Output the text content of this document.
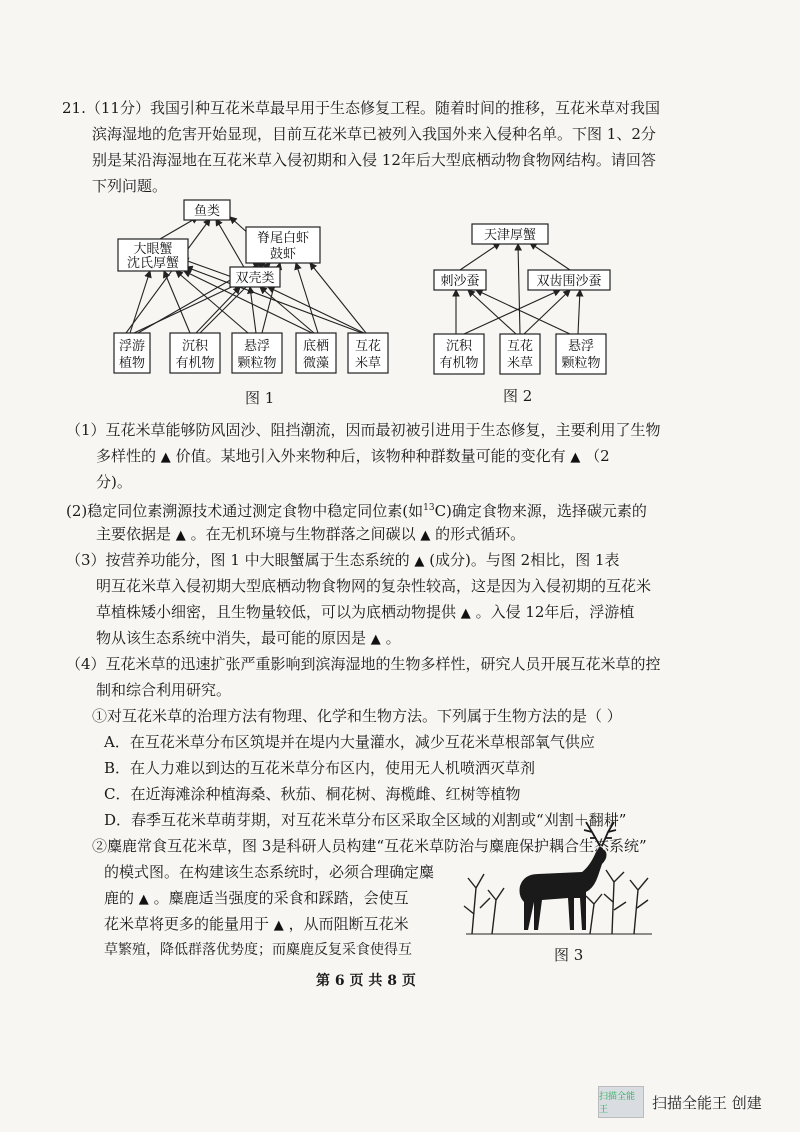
21.（11分）我国引种互花米草最早用于生态修复工程。随着时间的推移，互花米草对我国
滨海湿地的危害开始显现，目前互花米草已被列入我国外来入侵种名单。下图 1、2分
别是某沿海湿地在互花米草入侵初期和入侵 12年后大型底栖动物食物网结构。请回答
下列问题。
鱼类
大眼蟹
沈氏厚蟹
脊尾白虾
鼓虾
双壳类
浮游
植物
沉积
有机物
悬浮
颗粒物
底栖
微藻
互花
米草
图 1
天津厚蟹
刺沙蚕	双齿围沙蚕
沉积
有机物
互花
米草
悬浮
颗粒物
图 2
（1）互花米草能够防风固沙、阻挡潮流，因而最初被引进用于生态修复，主要利用了生物
多样性的 ▲ 价值。某地引入外来物种后，该物种种群数量可能的变化有 ▲ （2
分)。
(2)稳定同位素溯源技术通过测定食物中稳定同位素(如$^{13}$C)确定食物来源，选择碳元素的
主要依据是 ▲ 。在无机环境与生物群落之间碳以 ▲ 的形式循环。
（3）按营养功能分，图 1 中大眼蟹属于生态系统的 ▲ (成分)。与图 2相比，图 1表
明互花米草入侵初期大型底栖动物食物网的复杂性较高，这是因为入侵初期的互花米
草植株矮小细密，且生物量较低，可以为底栖动物提供 ▲ 。入侵 12年后，浮游植
物从该生态系统中消失，最可能的原因是 ▲ 。
（4）互花米草的迅速扩张严重影响到滨海湿地的生物多样性，研究人员开展互花米草的控
制和综合利用研究。
①对互花米草的治理方法有物理、化学和生物方法。下列属于生物方法的是（ ）
A．在互花米草分布区筑堤并在堤内大量灌水，减少互花米草根部氧气供应
B．在人力难以到达的互花米草分布区内，使用无人机喷洒灭草剂
C．在近海滩涂种植海桑、秋茄、桐花树、海榄雌、红树等植物
D．春季互花米草萌芽期，对互花米草分布区采取全区域的刈割或“刈割＋翻耕”
②麋鹿常食互花米草，图 3是科研人员构建“互花米草防治与麋鹿保护耦合生态系统”
的模式图。在构建该生态系统时，必须合理确定麋
鹿的 ▲ 。麋鹿适当强度的采食和踩踏，会使互
花米草将更多的能量用于 ▲ ，从而阻断互花米
草繁殖，降低群落优势度；而麋鹿反复采食使得互	图 3
第 6 页 共 8 页
扫描全能王	扫描全能王 创建
